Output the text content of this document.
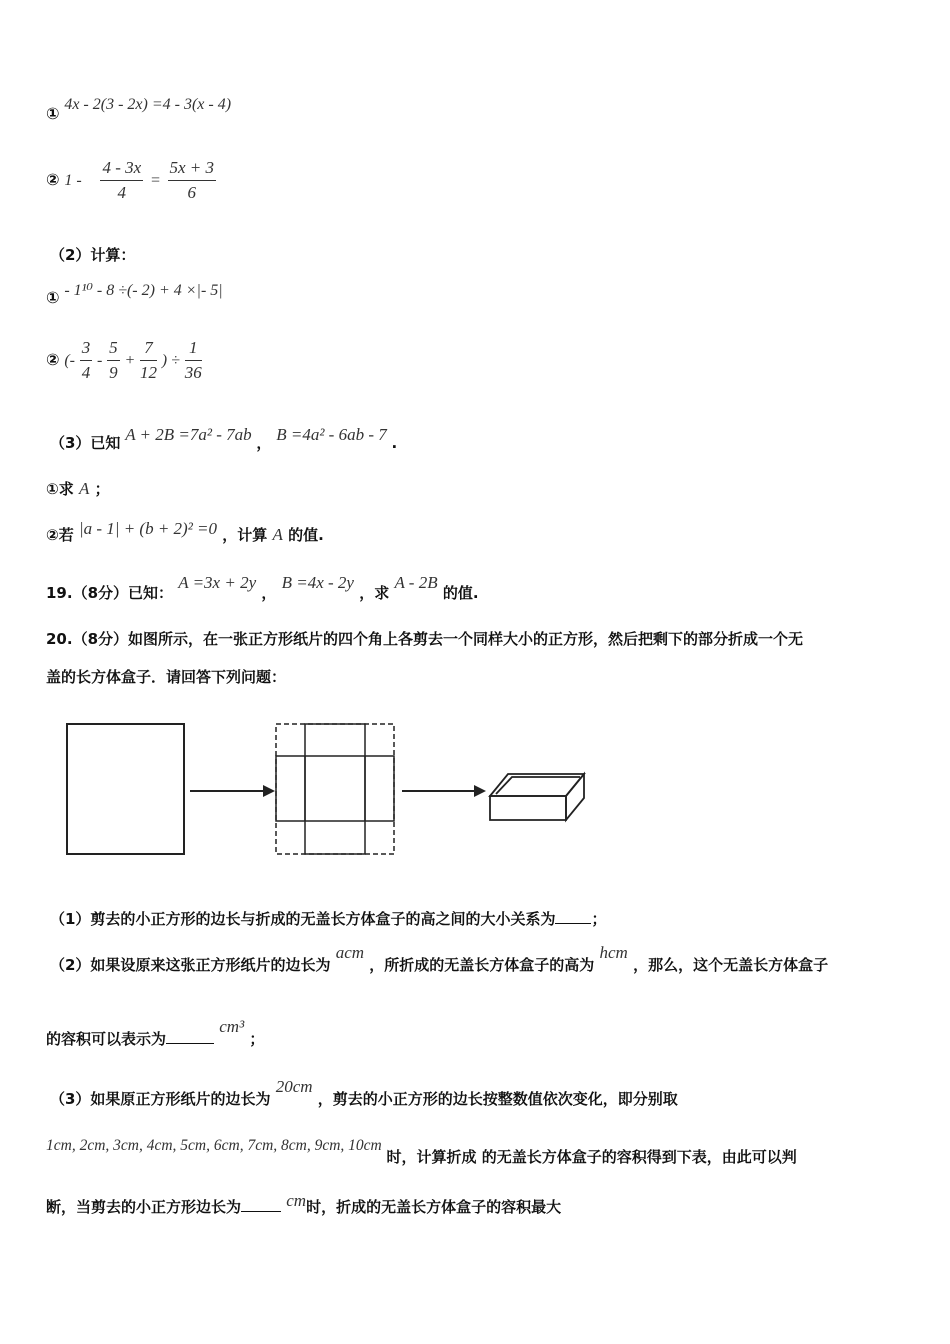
① 4x - 2(3 - 2x) =4 - 3(x - 4)
② $1 - \frac{4 - 3x}{4} = \frac{5x + 3}{6}$
（2）计算：
① - 1¹⁰ - 8 ÷(- 2) + 4 ×|- 5|
② (- $\frac{3}{4} - \frac{5}{9} + \frac{7}{12}$ ) ÷ $\frac{1}{36}$
（3）已知 A + 2B =7a² - 7ab ， B =4a² - 6ab - 7 .
①求 A ；
②若 |a - 1| + (b + 2)² =0 ，计算 A 的值.
19.（8分）已知： A =3x + 2y ， B =4x - 2y ，求 A - 2B 的值.
20.（8分）如图所示，在一张正方形纸片的四个角上各剪去一个同样大小的正方形，然后把剩下的部分折成一个无
盖的长方体盒子．请回答下列问题：
（1）剪去的小正方形的边长与折成的无盖长方体盒子的高之间的大小关系为 ；
（2）如果设原来这张正方形纸片的边长为 acm ，所折成的无盖长方体盒子的高为 hcm ，那么，这个无盖长方体盒子
的容积可以表示为 cm³ ；
（3）如果原正方形纸片的边长为 20cm ，剪去的小正方形的边长按整数值依次变化，即分别取
1cm, 2cm, 3cm, 4cm, 5cm, 6cm, 7cm, 8cm, 9cm, 10cm 时，计算折成 的无盖长方体盒子的容积得到下表，由此可以判
断，当剪去的小正方形边长为	cm时，折成的无盖长方体盒子的容积最大
